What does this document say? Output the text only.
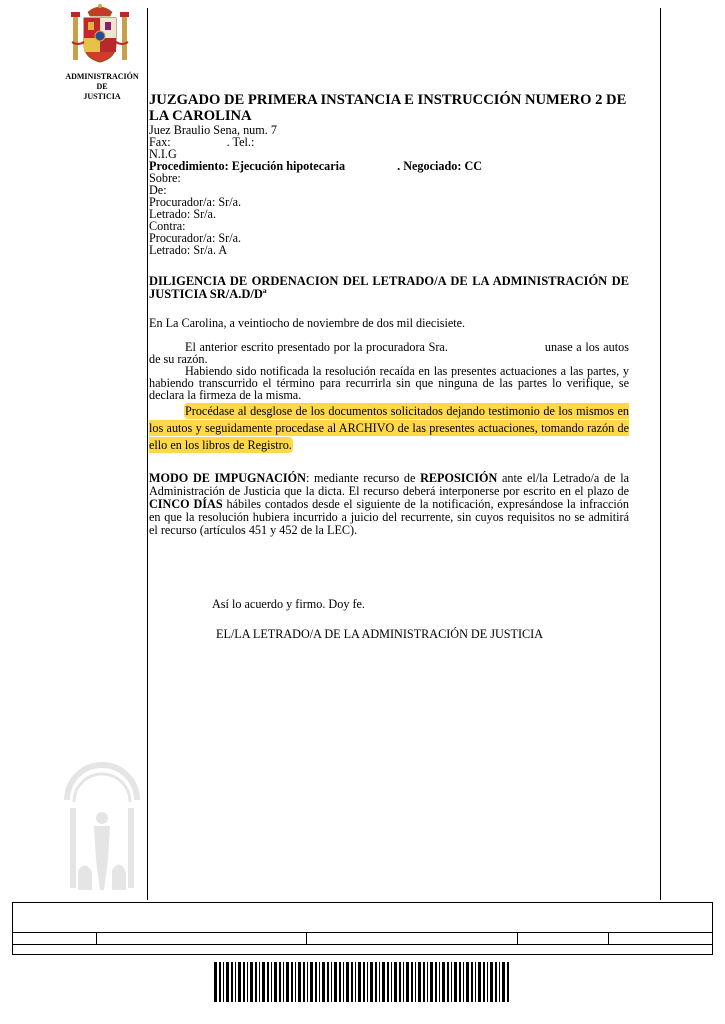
ADMINISTRACIÓN
DE
JUSTICIA	JUZGADO DE PRIMERA INSTANCIA E INSTRUCCIÓN NUMERO 2 DE LA CAROLINA
Juez Braulio Sena, num. 7
Fax:	. Tel.:
N.I.G
Procedimiento: Ejecución hipotecaria	. Negociado: CC
Sobre:
De:
Procurador/a: Sr/a.
Letrado: Sr/a.
Contra:
Procurador/a: Sr/a.
Letrado: Sr/a. A
DILIGENCIA DE ORDENACION DEL LETRADO/A DE LA ADMINISTRACIÓN DE JUSTICIA SR/A.D/Dª
En La Carolina, a veintiocho de noviembre de dos mil diecisiete.
El anterior escrito presentado por la procuradora Sra.	unase a los autos de su razón.
Habiendo sido notificada la resolución recaída en las presentes actuaciones a las partes, y habiendo transcurrido el término para recurrirla sin que ninguna de las partes lo verifique, se declara la firmeza de la misma.
Procédase al desglose de los documentos solicitados dejando testimonio de los mismos en los autos y seguidamente procedase al ARCHIVO de las presentes actuaciones, tomando razón de ello en los libros de Registro.
MODO DE IMPUGNACIÓN: mediante recurso de REPOSICIÓN ante el/la Letrado/a de la Administración de Justicia que la dicta. El recurso deberá interponerse por escrito en el plazo de CINCO DÍAS hábiles contados desde el siguiente de la notificación, expresándose la infracción en que la resolución hubiera incurrido a juicio del recurrente, sin cuyos requisitos no se admitirá el recurso (artículos 451 y 452 de la LEC).
Así lo acuerdo y firmo. Doy fe.
EL/LA LETRADO/A DE LA ADMINISTRACIÓN DE JUSTICIA
